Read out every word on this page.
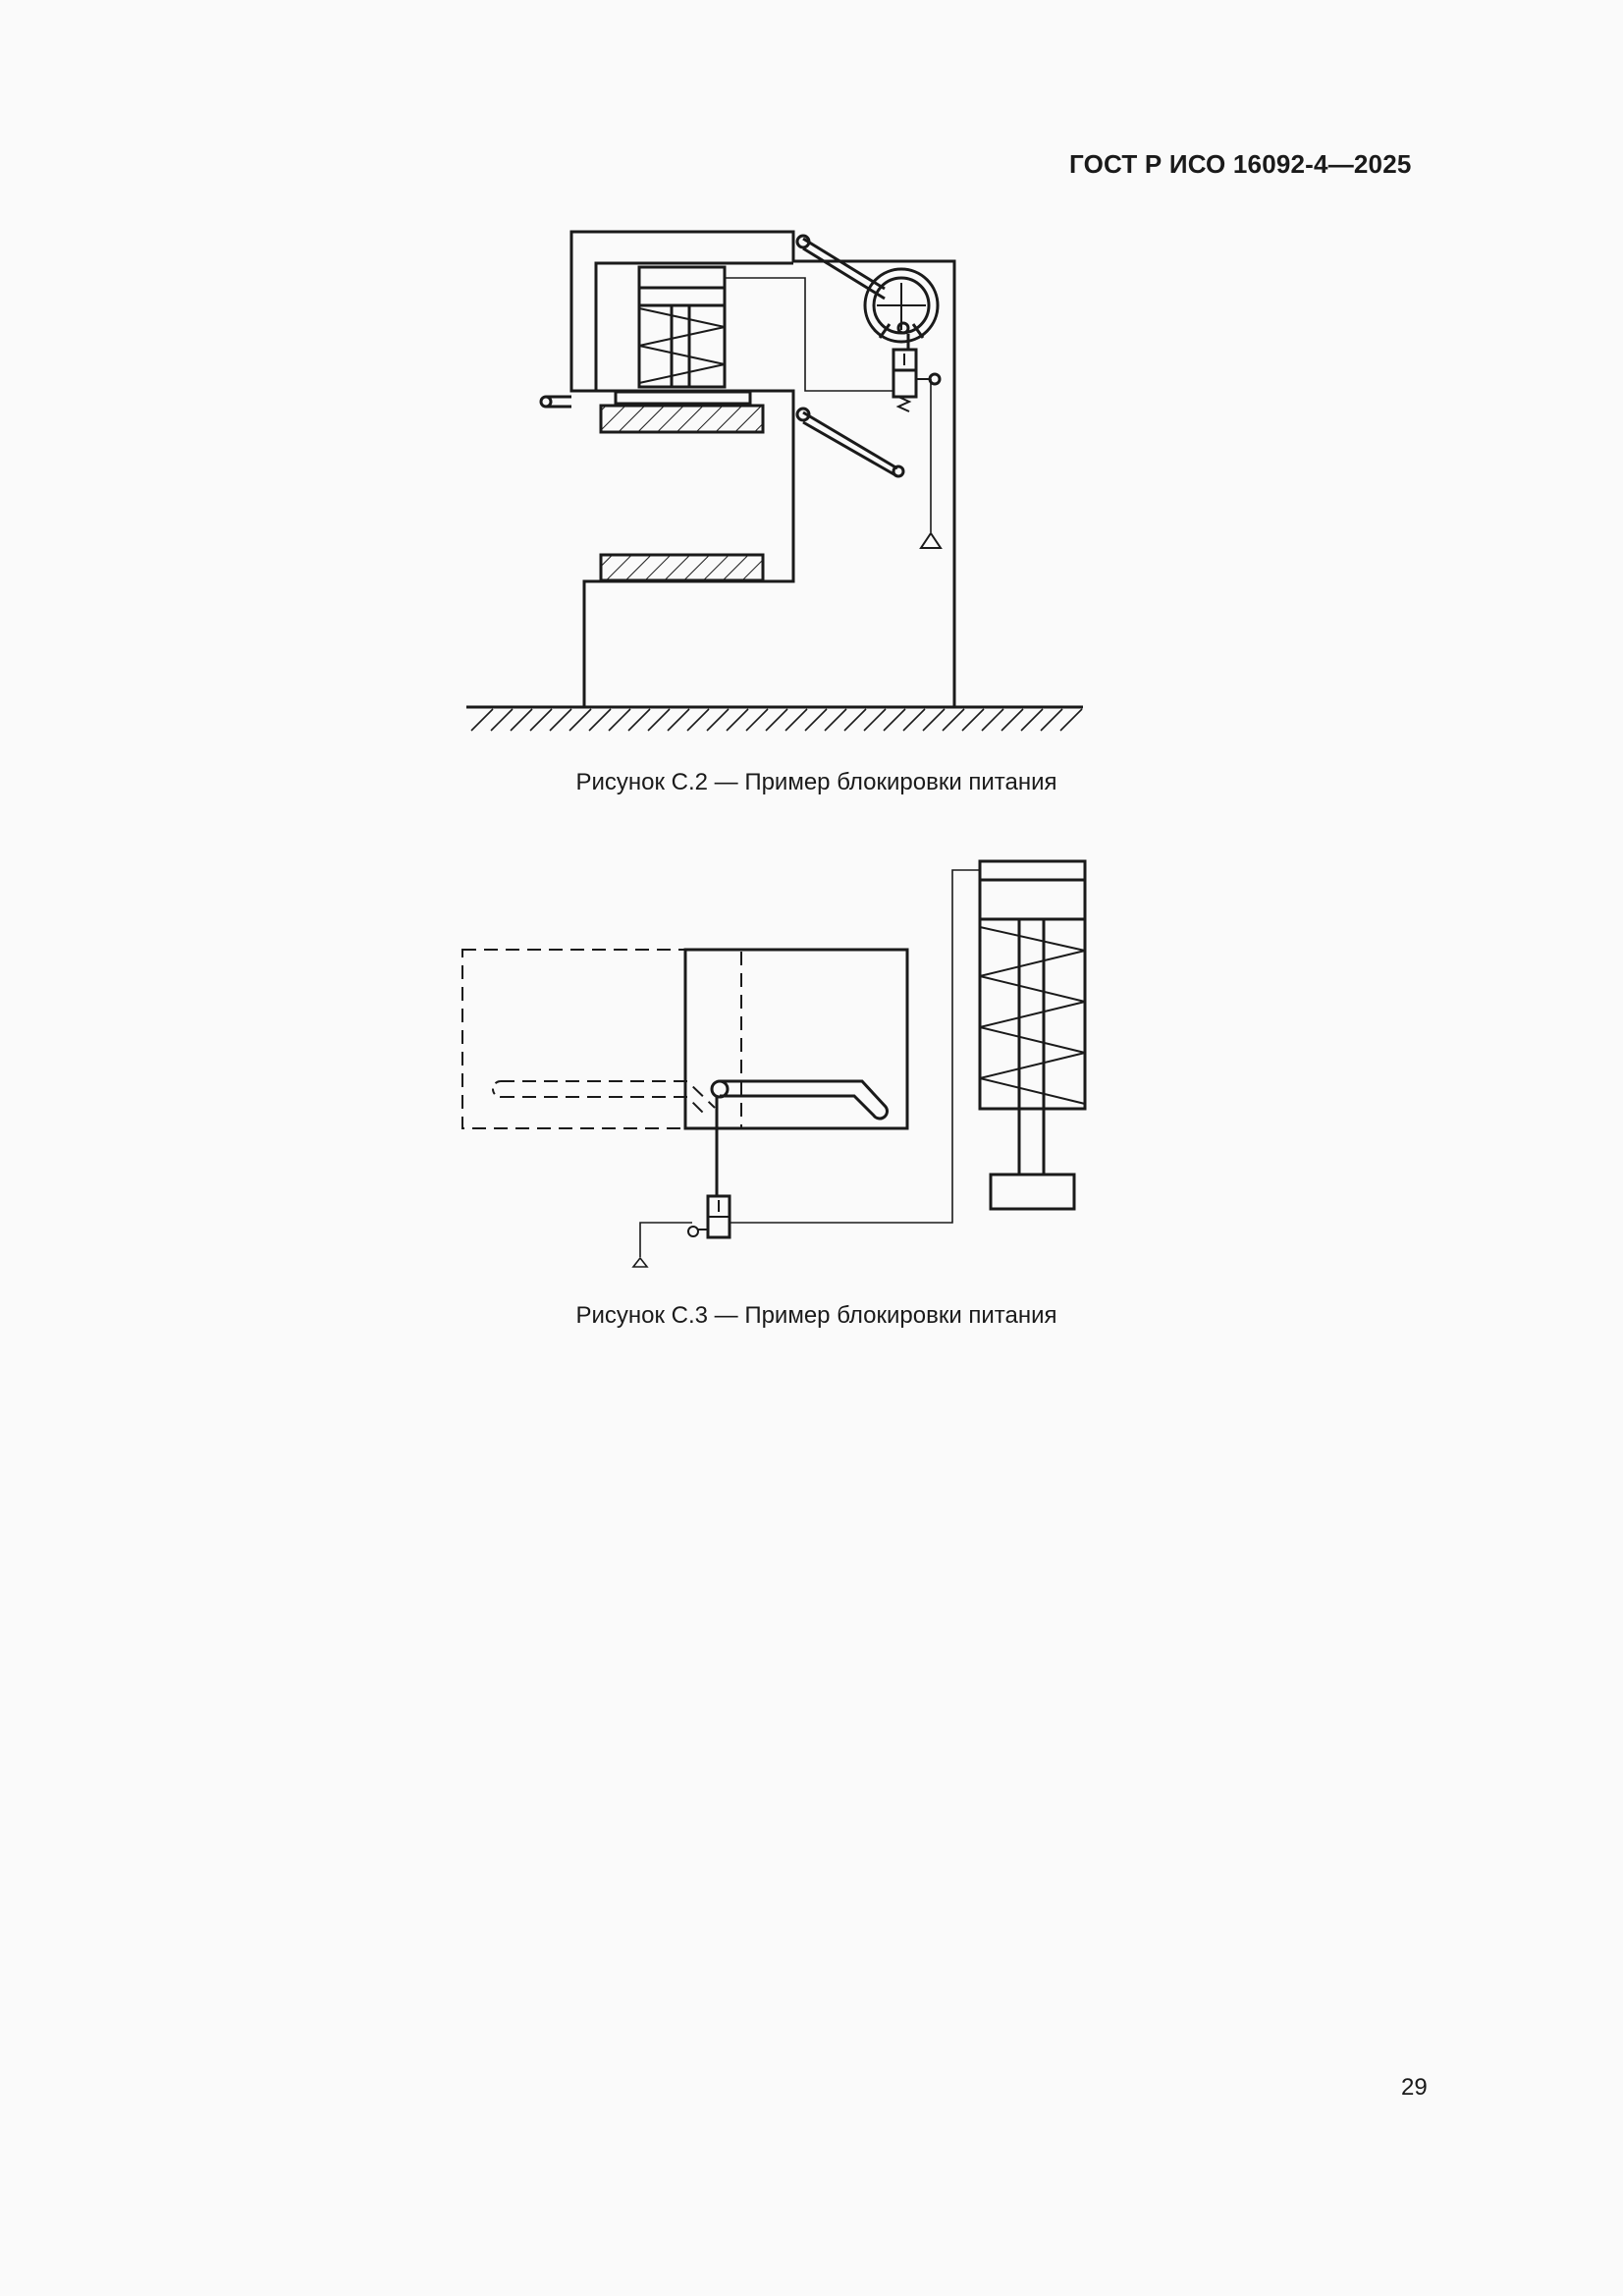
ГОСТ Р ИСО 16092-4—2025
Рисунок C.2 — Пример блокировки питания
Рисунок C.3 — Пример блокировки питания
29
